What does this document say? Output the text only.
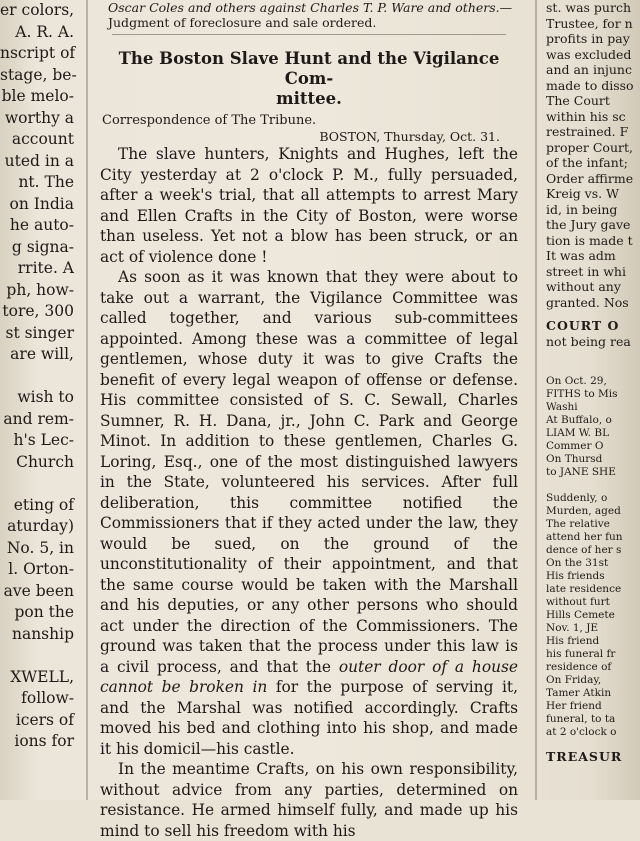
er colors,
A. R. A.
nscript of
stage, be-
ble melo-
worthy a
account
uted in a
nt. The
on India
he auto-
g signa-
rrite. A
ph, how-
tore, 300
st singer
are will,

wish to
and rem-
h's Lec-
Church

eting of
aturday)
No. 5, in
l. Orton-
ave been
pon the
nanship

XWELL,
follow-
icers of
ions for
Oscar Coles and others against Charles T. P. Ware and others.—Judgment of foreclosure and sale ordered.
The Boston Slave Hunt and the Vigilance Com-
mittee.
Correspondence of The Tribune.
BOSTON, Thursday, Oct. 31.

The slave hunters, Knights and Hughes, left the City yesterday at 2 o'clock P. M., fully persuaded, after a week's trial, that all attempts to arrest Mary and Ellen Crafts in the City of Boston, were worse than useless. Yet not a blow has been struck, or an act of violence done !

As soon as it was known that they were about to take out a warrant, the Vigilance Committee was called together, and various sub-committees appointed. Among these was a committee of legal gentlemen, whose duty it was to give Crafts the benefit of every legal weapon of offense or defense. His committee consisted of S. C. Sewall, Charles Sumner, R. H. Dana, jr., John C. Park and George Minot. In addition to these gentlemen, Charles G. Loring, Esq., one of the most distinguished lawyers in the State, volunteered his services. After full deliberation, this committee notified the Commissioners that if they acted under the law, they would be sued, on the ground of the unconstitutionality of their appointment, and that the same course would be taken with the Marshall and his deputies, or any other persons who should act under the direction of the Commissioners. The ground was taken that the process under this law is a civil process, and that the outer door of a house cannot be broken in for the purpose of serving it, and the Marshal was notified accordingly. Crafts moved his bed and clothing into his shop, and made it his domicil—his castle.

In the meantime Crafts, on his own responsibility, without advice from any parties, determined on resistance. He armed himself fully, and made up his mind to sell his freedom with his

st. was purch
Trustee, for n
profits in pay
was excluded
and an injunc
made to disso
The Court
within his sc
restrained. F
proper Court,
of the infant;
Order affirme
Kreig vs. W
id, in being
the Jury gave
tion is made t
It was adm
street in whi
without any
granted. Nos
COURT O
not being rea
On Oct. 29,
FITHS to Mis
Washi
At Buffalo, o
LIAM W. BL
Commer O
On Thursd
to JANE SHE

Suddenly, o
Murden, aged
The relative
attend her fun
dence of her s
On the 31st
His friends
late residence
without furt
Hills Cemete
Nov. 1, JE
His friend
his funeral fr
residence of
On Friday,
Tamer Atkin
Her friend
funeral, to ta
at 2 o'clock o
TREASUR
